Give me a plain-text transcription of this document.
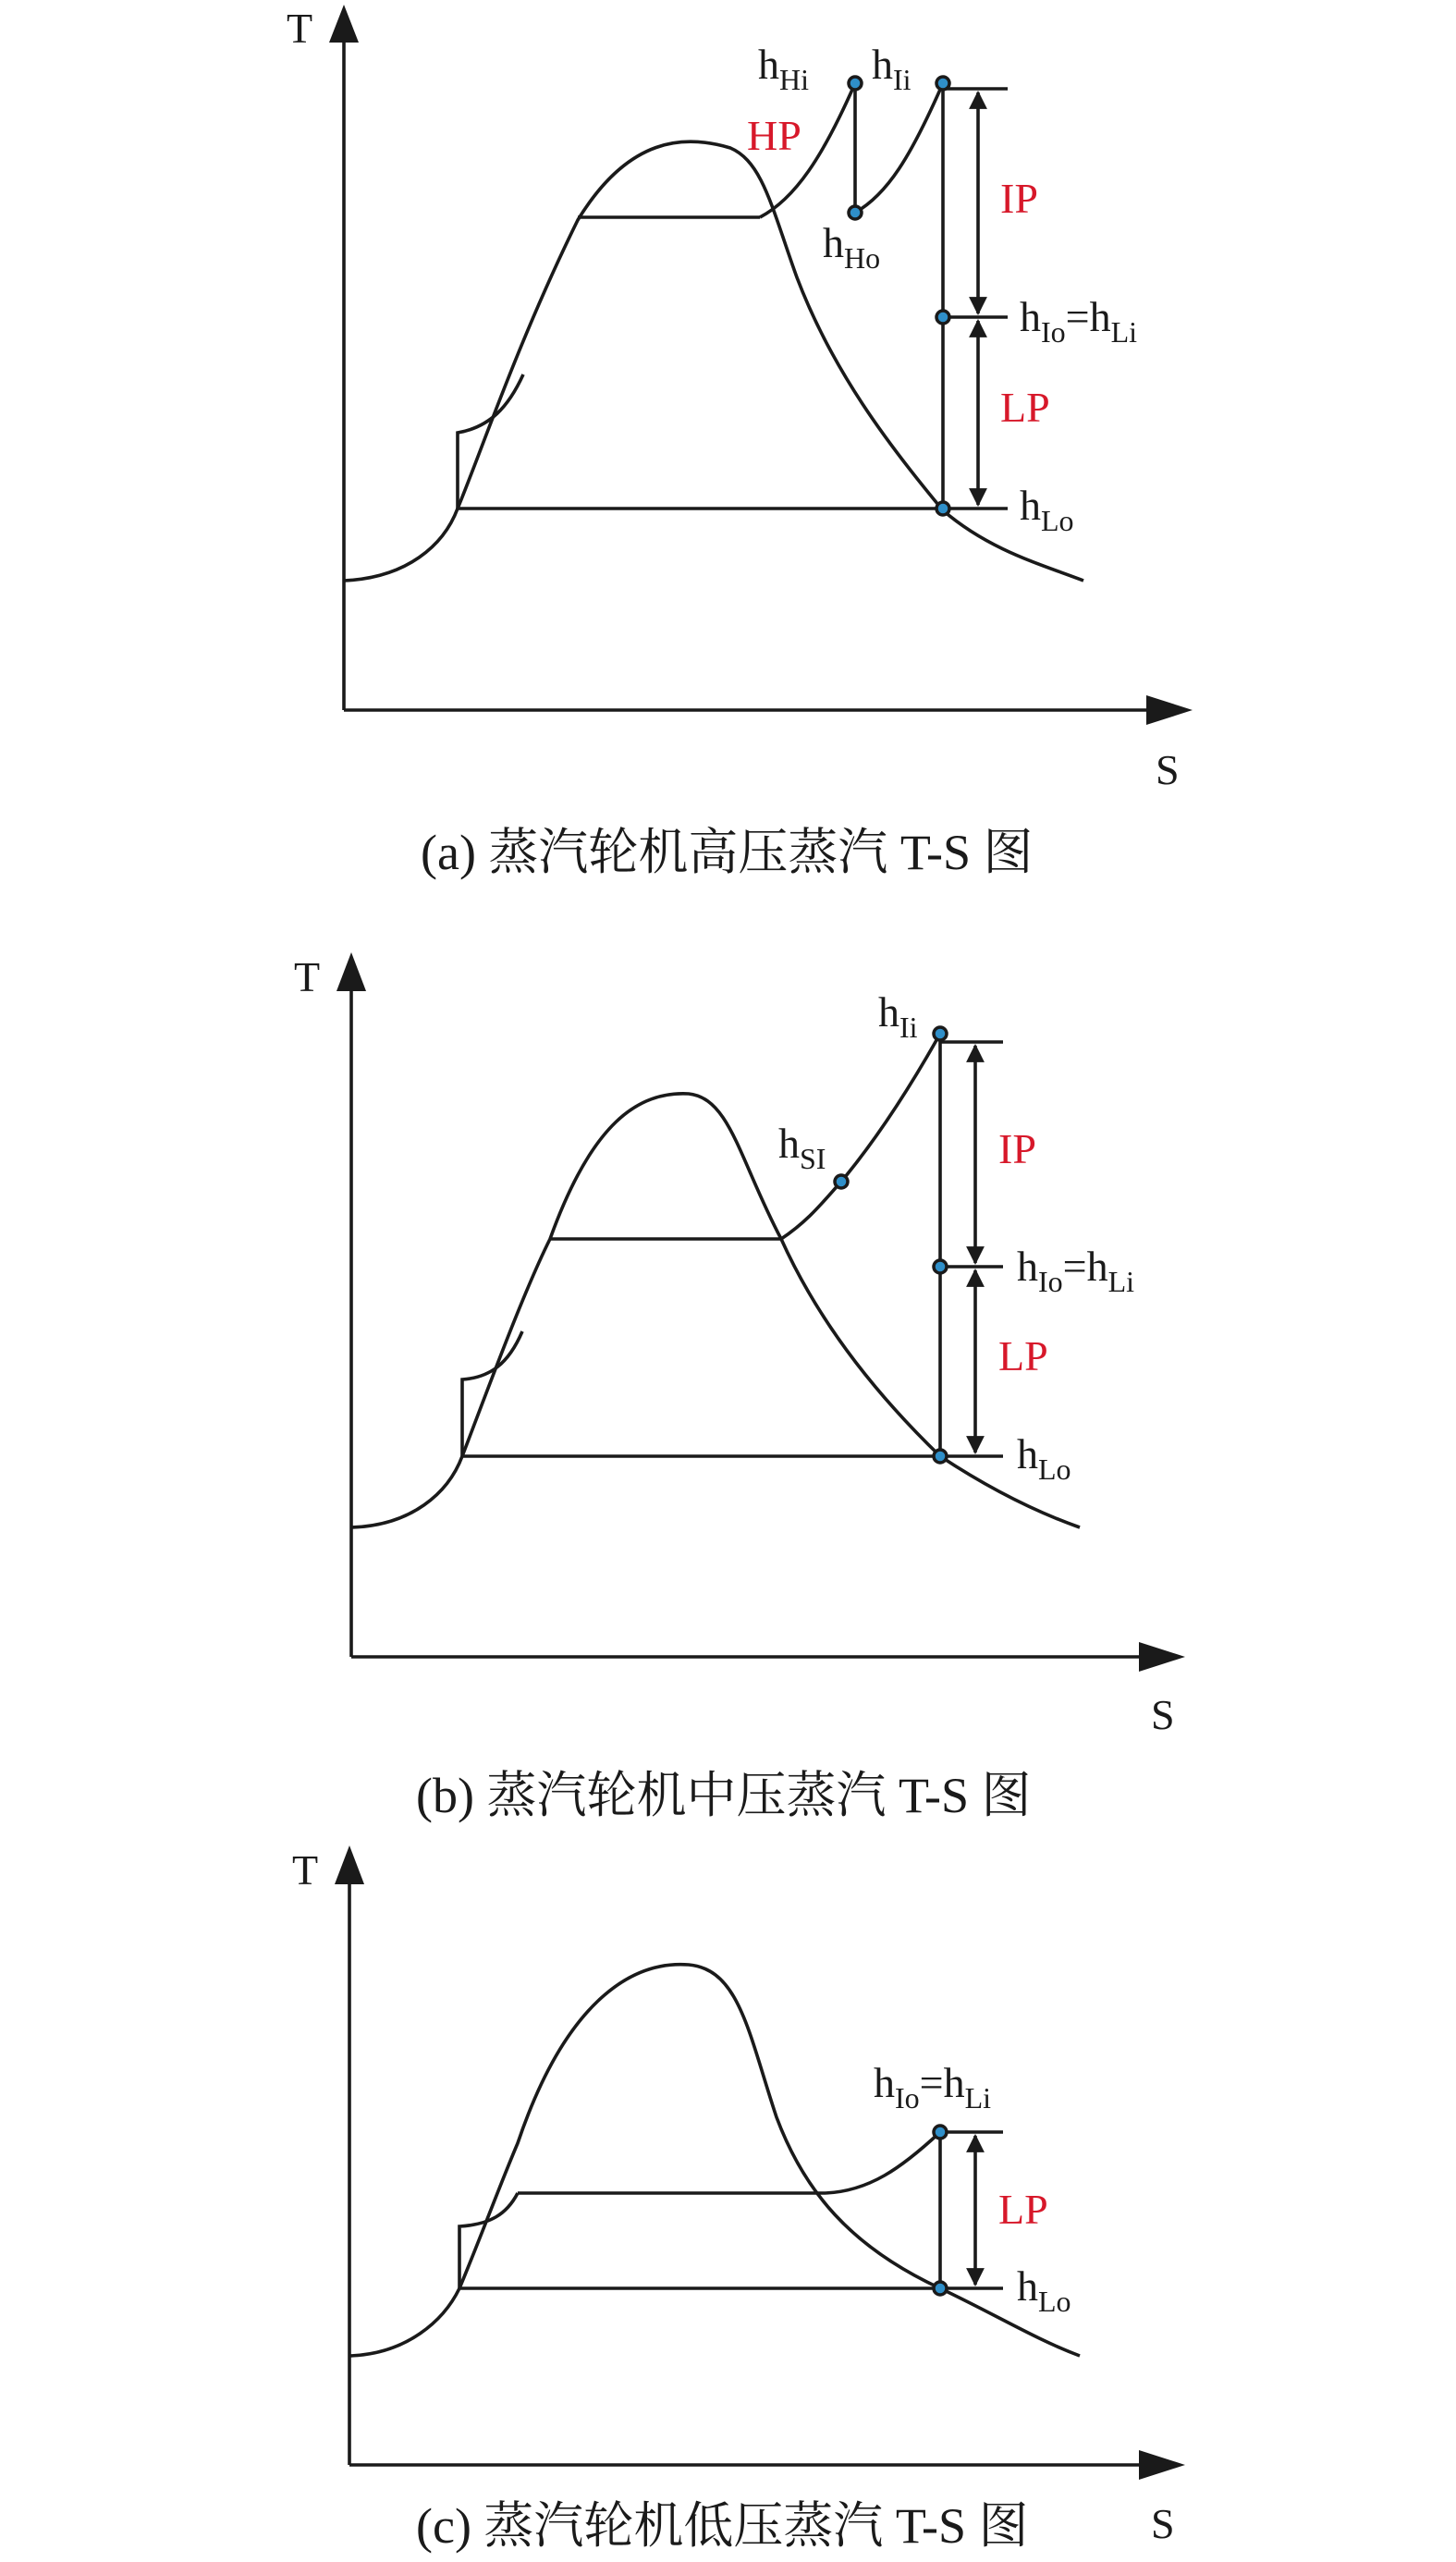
T
S
$h_{Hi}$ $h_{Ii}$
$h_{Ho}$
$h_{Io}=h_{Li}$
$h_{Lo}$
HP
IP
LP
(a) 蒸汽轮机高压蒸汽 T-S 图
T
S
$h_{Ii}$
$h_{SI}$
$h_{Io}=h_{Li}$
$h_{Lo}$
IP
LP
(b) 蒸汽轮机中压蒸汽 T-S 图
T
S
$h_{Io}=h_{Li}$
$h_{Lo}$
LP
(c) 蒸汽轮机低压蒸汽 T-S 图
